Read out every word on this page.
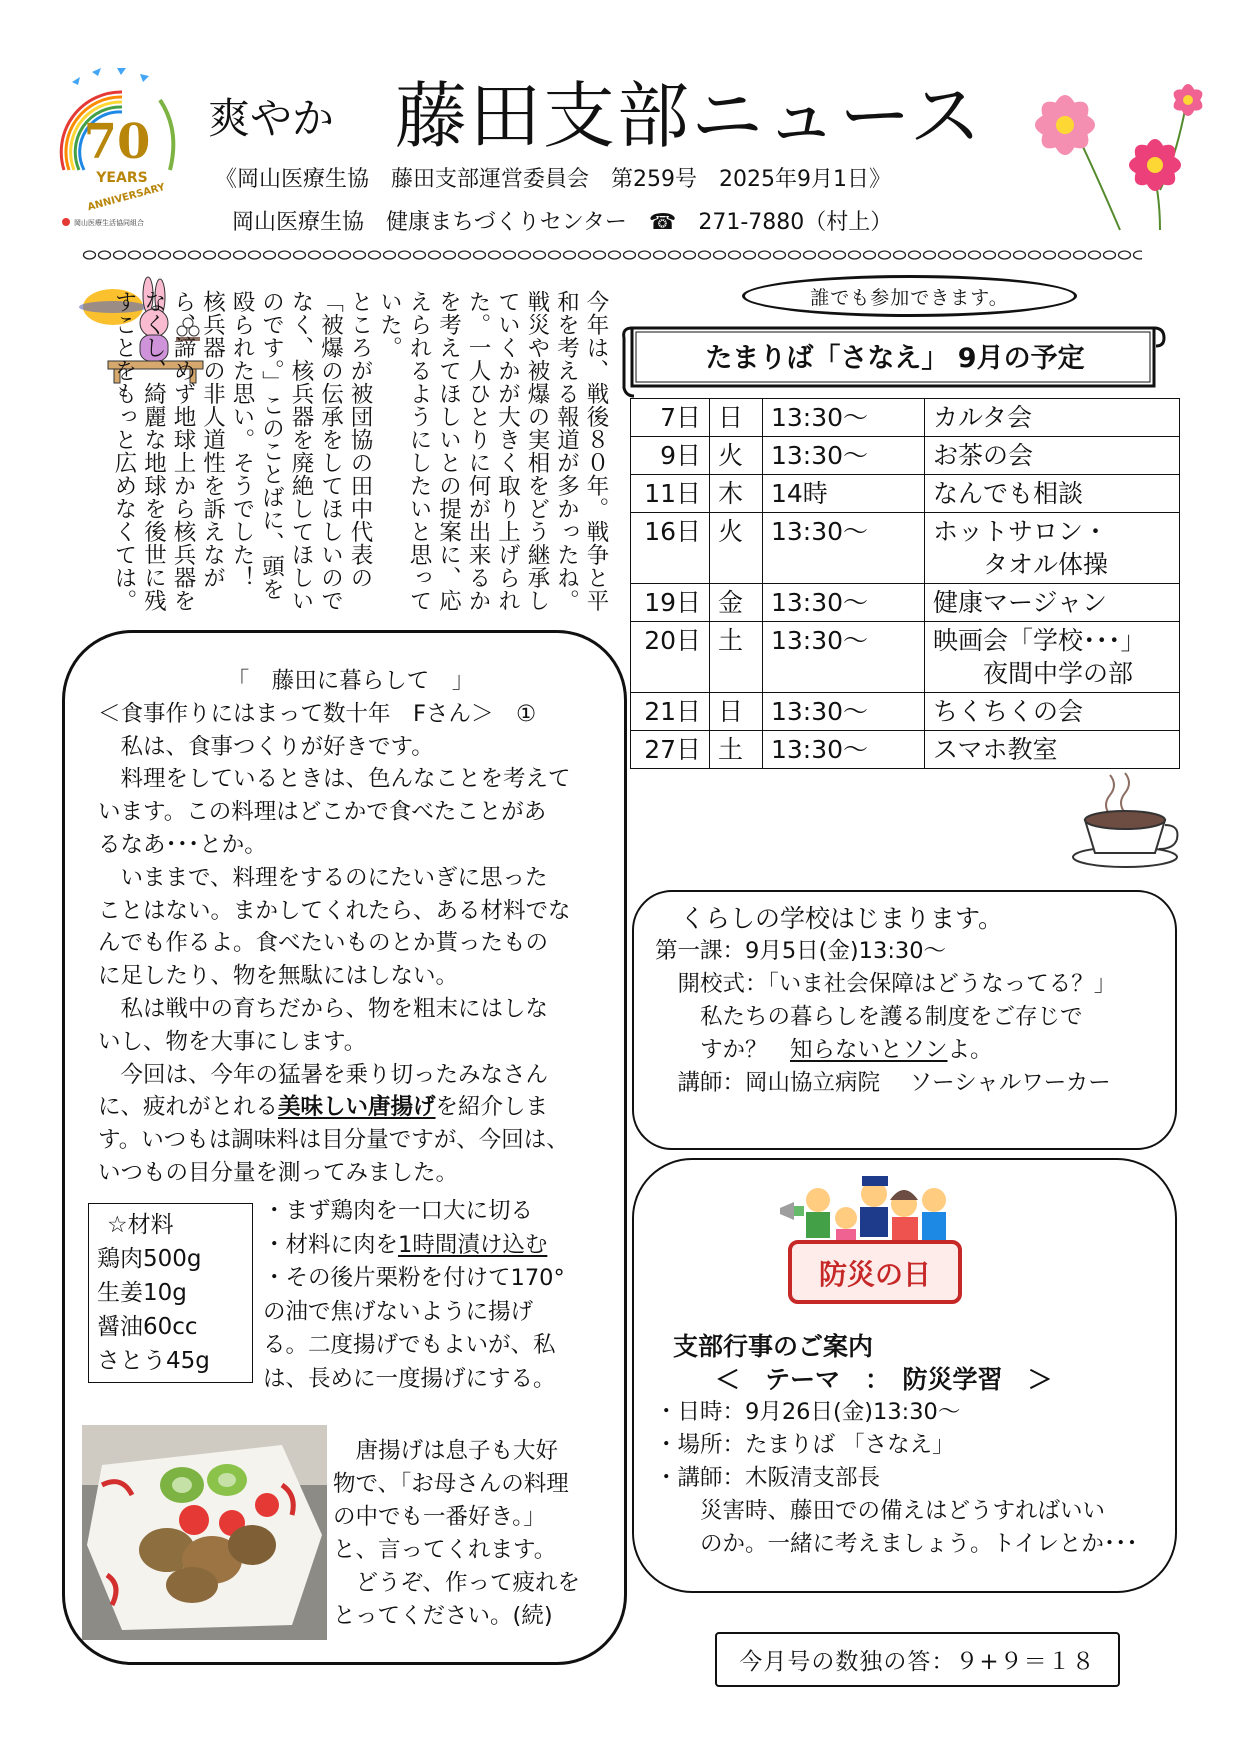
70
YEARS
ANNIVERSARY
岡山医療生活協同組合
爽やか 藤田支部ニュース
《岡山医療生協　藤田支部運営委員会　第259号　2025年9月1日》
岡山医療生協　健康まちづくりセンター　☎　 271-7880（村上）

今年は、戦後８０年。戦争と平和を考える報道が多かったね。

戦災や被爆の実相をどう継承していくかが大きく取り上げられた。一人ひとりに何が出来るかを考えてほしいとの提案に、応えられるようにしたいと思っていた。

ところが被団協の田中代表の「被爆の伝承をしてほしいのでなく、核兵器を廃絶してほしいのです。」このことばに、頭を殴られた思い。そうでした！　核兵器の非人道性を訴えながら、諦めず地球上から核兵器をなくし、綺麗な地球を後世に残すことをもっと広めなくては。

「　藤田に暮らして　」
＜食事作りにはまって数十年　Fさん＞　①
　私は、食事つくりが好きです。
　料理をしているときは、色んなことを考えて
います。この料理はどこかで食べたことがあ
るなあ･･･とか。
　いままで、料理をするのにたいぎに思った
ことはない。まかしてくれたら、ある材料でな
んでも作るよ。食べたいものとか貰ったもの
に足したり、物を無駄にはしない。
　私は戦中の育ちだから、物を粗末にはしな
いし、物を大事にします。
　今回は、今年の猛暑を乗り切ったみなさん
に、疲れがとれる美味しい唐揚げを紹介しま
す。いつもは調味料は目分量ですが、今回は、
いつもの目分量を測ってみました。
☆材料
鶏肉500g
生姜10g
醤油60cc
さとう45g
・まず鶏肉を一口大に切る
・材料に肉を1時間漬け込む
・その後片栗粉を付けて170°
の油で焦げないように揚げ
る。二度揚げでもよいが、私
は、長めに一度揚げにする。
　唐揚げは息子も大好
物で、「お母さんの料理
の中でも一番好き。」
と、言ってくれます。
　どうぞ、作って疲れを
とってください。(続)
誰でも参加できます。
たまりば「さなえ」 9月の予定
7日	日	13:30～	カルタ会
9日	火	13:30～	お茶の会
11日	木	14時	なんでも相談
16日	火	13:30～	ホットサロン・
　　タオル体操

19日	金	13:30～	健康マージャン
20日	土	13:30～	映画会「学校･･･」
　　夜間中学の部

21日	日	13:30～	ちくちくの会
27日	土	13:30～	スマホ教室
　くらしの学校はじまります。
第一課：9月5日(金)13:30～
　開校式：「いま社会保障はどうなってる？」
　　私たちの暮らしを護る制度をご存じで
　　すか？　知らないとソンよ。
　講師：岡山協立病院　 ソーシャルワーカー
防災の日
支部行事のご案内
＜　テーマ　：　防災学習　＞
・日時：9月26日(金)13:30～
・場所：たまりば 「さなえ」
・講師：木阪清支部長
　　災害時、藤田での備えはどうすればいい
　　のか。一緒に考えましょう。トイレとか･･･
今月号の数独の答：９+９＝１８
